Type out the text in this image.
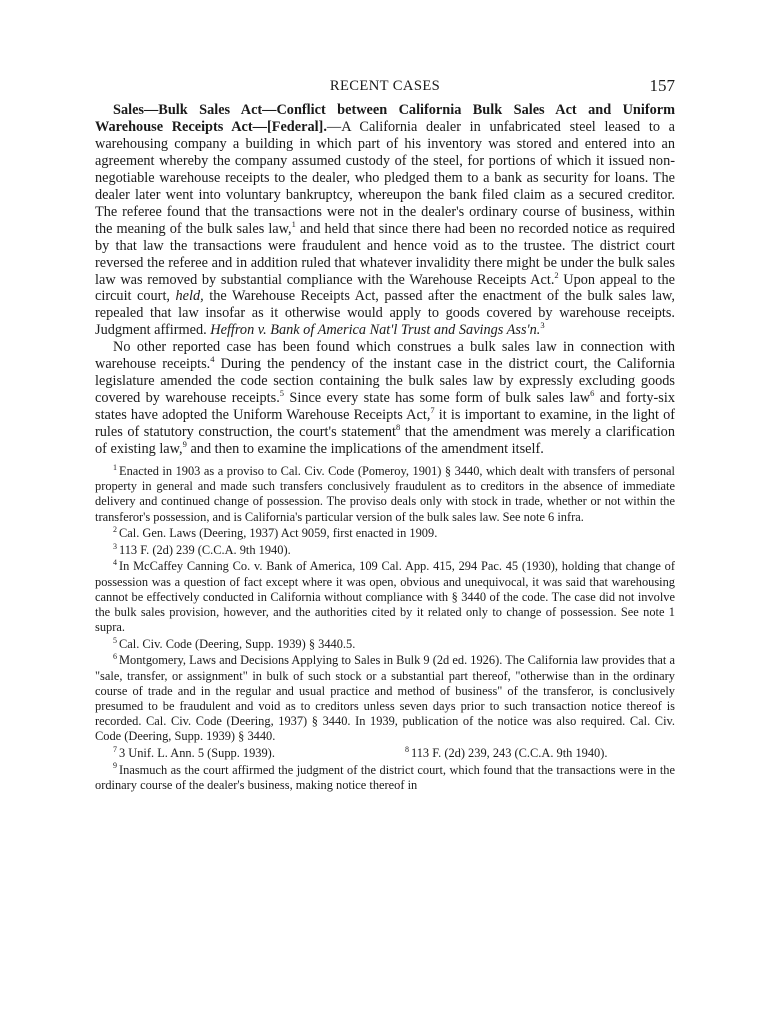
RECENT CASES	157

Sales—Bulk Sales Act—Conflict between California Bulk Sales Act and Uniform Warehouse Receipts Act—[Federal].—A California dealer in unfabricated steel leased to a warehousing company a building in which part of his inventory was stored and entered into an agreement whereby the company assumed custody of the steel, for portions of which it issued non-negotiable warehouse receipts to the dealer, who pledged them to a bank as security for loans. The dealer later went into voluntary bankruptcy, whereupon the bank filed claim as a secured creditor. The referee found that the transactions were not in the dealer's ordinary course of business, within the meaning of the bulk sales law,$^1$ and held that since there had been no recorded notice as required by that law the transactions were fraudulent and hence void as to the trustee. The district court reversed the referee and in addition ruled that whatever invalidity there might be under the bulk sales law was removed by substantial compliance with the Warehouse Receipts Act.$^2$ Upon appeal to the circuit court, held, the Warehouse Receipts Act, passed after the enactment of the bulk sales law, repealed that law insofar as it otherwise would apply to goods covered by warehouse receipts. Judgment affirmed. Heffron v. Bank of America Nat'l Trust and Savings Ass'n.$^3$

No other reported case has been found which construes a bulk sales law in connection with warehouse receipts.$^4$ During the pendency of the instant case in the district court, the California legislature amended the code section containing the bulk sales law by expressly excluding goods covered by warehouse receipts.$^5$ Since every state has some form of bulk sales law$^6$ and forty-six states have adopted the Uniform Warehouse Receipts Act,$^7$ it is important to examine, in the light of rules of statutory construction, the court's statement$^8$ that the amendment was merely a clarification of existing law,$^9$ and then to examine the implications of the amendment itself.

$^1$ Enacted in 1903 as a proviso to Cal. Civ. Code (Pomeroy, 1901) § 3440, which dealt with transfers of personal property in general and made such transfers conclusively fraudulent as to creditors in the absence of immediate delivery and continued change of possession. The proviso deals only with stock in trade, whether or not within the transferor's possession, and is California's particular version of the bulk sales law. See note 6 infra.

$^2$ Cal. Gen. Laws (Deering, 1937) Act 9059, first enacted in 1909.

$^3$ 113 F. (2d) 239 (C.C.A. 9th 1940).

$^4$ In McCaffey Canning Co. v. Bank of America, 109 Cal. App. 415, 294 Pac. 45 (1930), holding that change of possession was a question of fact except where it was open, obvious and unequivocal, it was said that warehousing cannot be effectively conducted in California without compliance with § 3440 of the code. The case did not involve the bulk sales provision, however, and the authorities cited by it related only to change of possession. See note 1 supra.

$^5$ Cal. Civ. Code (Deering, Supp. 1939) § 3440.5.

$^6$ Montgomery, Laws and Decisions Applying to Sales in Bulk 9 (2d ed. 1926). The California law provides that a "sale, transfer, or assignment" in bulk of such stock or a substantial part thereof, "otherwise than in the ordinary course of trade and in the regular and usual practice and method of business" of the transferor, is conclusively presumed to be fraudulent and void as to creditors unless seven days prior to such transaction notice thereof is recorded. Cal. Civ. Code (Deering, 1937) § 3440. In 1939, publication of the notice was also required. Cal. Civ. Code (Deering, Supp. 1939) § 3440.

$^7$ 3 Unif. L. Ann. 5 (Supp. 1939).	$^8$ 113 F. (2d) 239, 243 (C.C.A. 9th 1940).

$^9$ Inasmuch as the court affirmed the judgment of the district court, which found that the transactions were in the ordinary course of the dealer's business, making notice thereof in
